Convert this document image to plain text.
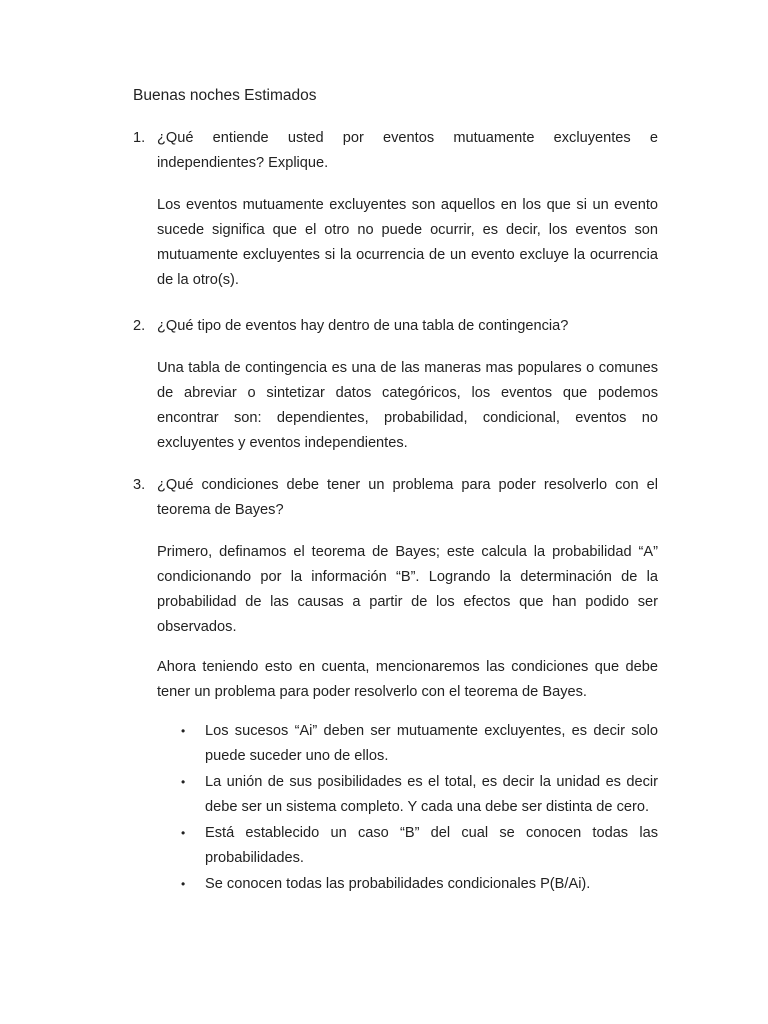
Buenas noches Estimados
1. ¿Qué entiende usted por eventos mutuamente excluyentes e independientes? Explique.
Los eventos mutuamente excluyentes son aquellos en los que si un evento sucede significa que el otro no puede ocurrir, es decir, los eventos son mutuamente excluyentes si la ocurrencia de un evento excluye la ocurrencia de la otro(s).
2. ¿Qué tipo de eventos hay dentro de una tabla de contingencia?
Una tabla de contingencia es una de las maneras mas populares o comunes de abreviar o sintetizar datos categóricos, los eventos que podemos encontrar son: dependientes, probabilidad, condicional, eventos no excluyentes y eventos independientes.
3. ¿Qué condiciones debe tener un problema para poder resolverlo con el teorema de Bayes?
Primero, definamos el teorema de Bayes; este calcula la probabilidad “A” condicionando por la información “B”. Logrando la determinación de la probabilidad de las causas a partir de los efectos que han podido ser observados.
Ahora teniendo esto en cuenta, mencionaremos las condiciones que debe tener un problema para poder resolverlo con el teorema de Bayes.
• Los sucesos “Ai” deben ser mutuamente excluyentes, es decir solo puede suceder uno de ellos.
• La unión de sus posibilidades es el total, es decir la unidad es decir debe ser un sistema completo. Y cada una debe ser distinta de cero.
• Está establecido un caso “B” del cual se conocen todas las probabilidades.
• Se conocen todas las probabilidades condicionales P(B/Ai).
